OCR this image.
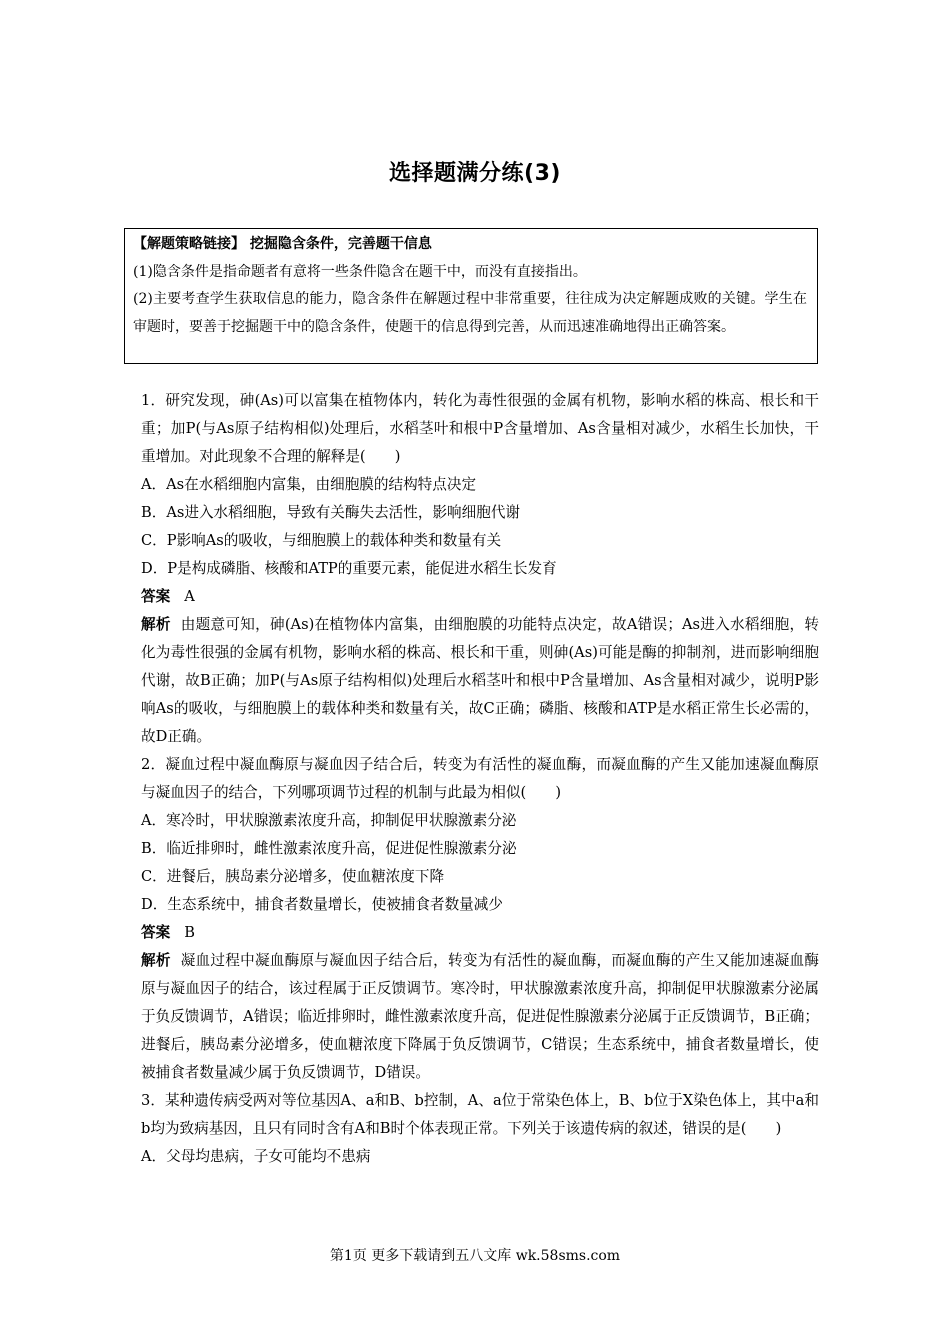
选择题满分练(3)

【解题策略链接】 挖掘隐含条件，完善题干信息

(1)隐含条件是指命题者有意将一些条件隐含在题干中，而没有直接指出。

(2)主要考查学生获取信息的能力，隐含条件在解题过程中非常重要，往往成为决定解题成败的关键。学生在审题时，要善于挖掘题干中的隐含条件，使题干的信息得到完善，从而迅速准确地得出正确答案。

1．研究发现，砷(As)可以富集在植物体内，转化为毒性很强的金属有机物，影响水稻的株高、根长和干重；加P(与As原子结构相似)处理后，水稻茎叶和根中P含量增加、As含量相对减少，水稻生长加快，干重增加。对此现象不合理的解释是(　　)

A．As在水稻细胞内富集，由细胞膜的结构特点决定

B．As进入水稻细胞，导致有关酶失去活性，影响细胞代谢

C．P影响As的吸收，与细胞膜上的载体种类和数量有关

D．P是构成磷脂、核酸和ATP的重要元素，能促进水稻生长发育

答案 A

解析 由题意可知，砷(As)在植物体内富集，由细胞膜的功能特点决定，故A错误；As进入水稻细胞，转化为毒性很强的金属有机物，影响水稻的株高、根长和干重，则砷(As)可能是酶的抑制剂，进而影响细胞代谢，故B正确；加P(与As原子结构相似)处理后水稻茎叶和根中P含量增加、As含量相对减少，说明P影响As的吸收，与细胞膜上的载体种类和数量有关，故C正确；磷脂、核酸和ATP是水稻正常生长必需的，故D正确。

2．凝血过程中凝血酶原与凝血因子结合后，转变为有活性的凝血酶，而凝血酶的产生又能加速凝血酶原与凝血因子的结合，下列哪项调节过程的机制与此最为相似(　　)

A．寒冷时，甲状腺激素浓度升高，抑制促甲状腺激素分泌

B．临近排卵时，雌性激素浓度升高，促进促性腺激素分泌

C．进餐后，胰岛素分泌增多，使血糖浓度下降

D．生态系统中，捕食者数量增长，使被捕食者数量减少

答案 B

解析 凝血过程中凝血酶原与凝血因子结合后，转变为有活性的凝血酶，而凝血酶的产生又能加速凝血酶原与凝血因子的结合，该过程属于正反馈调节。寒冷时，甲状腺激素浓度升高，抑制促甲状腺激素分泌属于负反馈调节，A错误；临近排卵时，雌性激素浓度升高，促进促性腺激素分泌属于正反馈调节，B正确；进餐后，胰岛素分泌增多，使血糖浓度下降属于负反馈调节，C错误；生态系统中，捕食者数量增长，使被捕食者数量减少属于负反馈调节，D错误。

3．某种遗传病受两对等位基因A、a和B、b控制，A、a位于常染色体上，B、b位于X染色体上，其中a和b均为致病基因，且只有同时含有A和B时个体表现正常。下列关于该遗传病的叙述，错误的是(　　)

A．父母均患病，子女可能均不患病

第1页 更多下载请到五八文库 wk.58sms.com
